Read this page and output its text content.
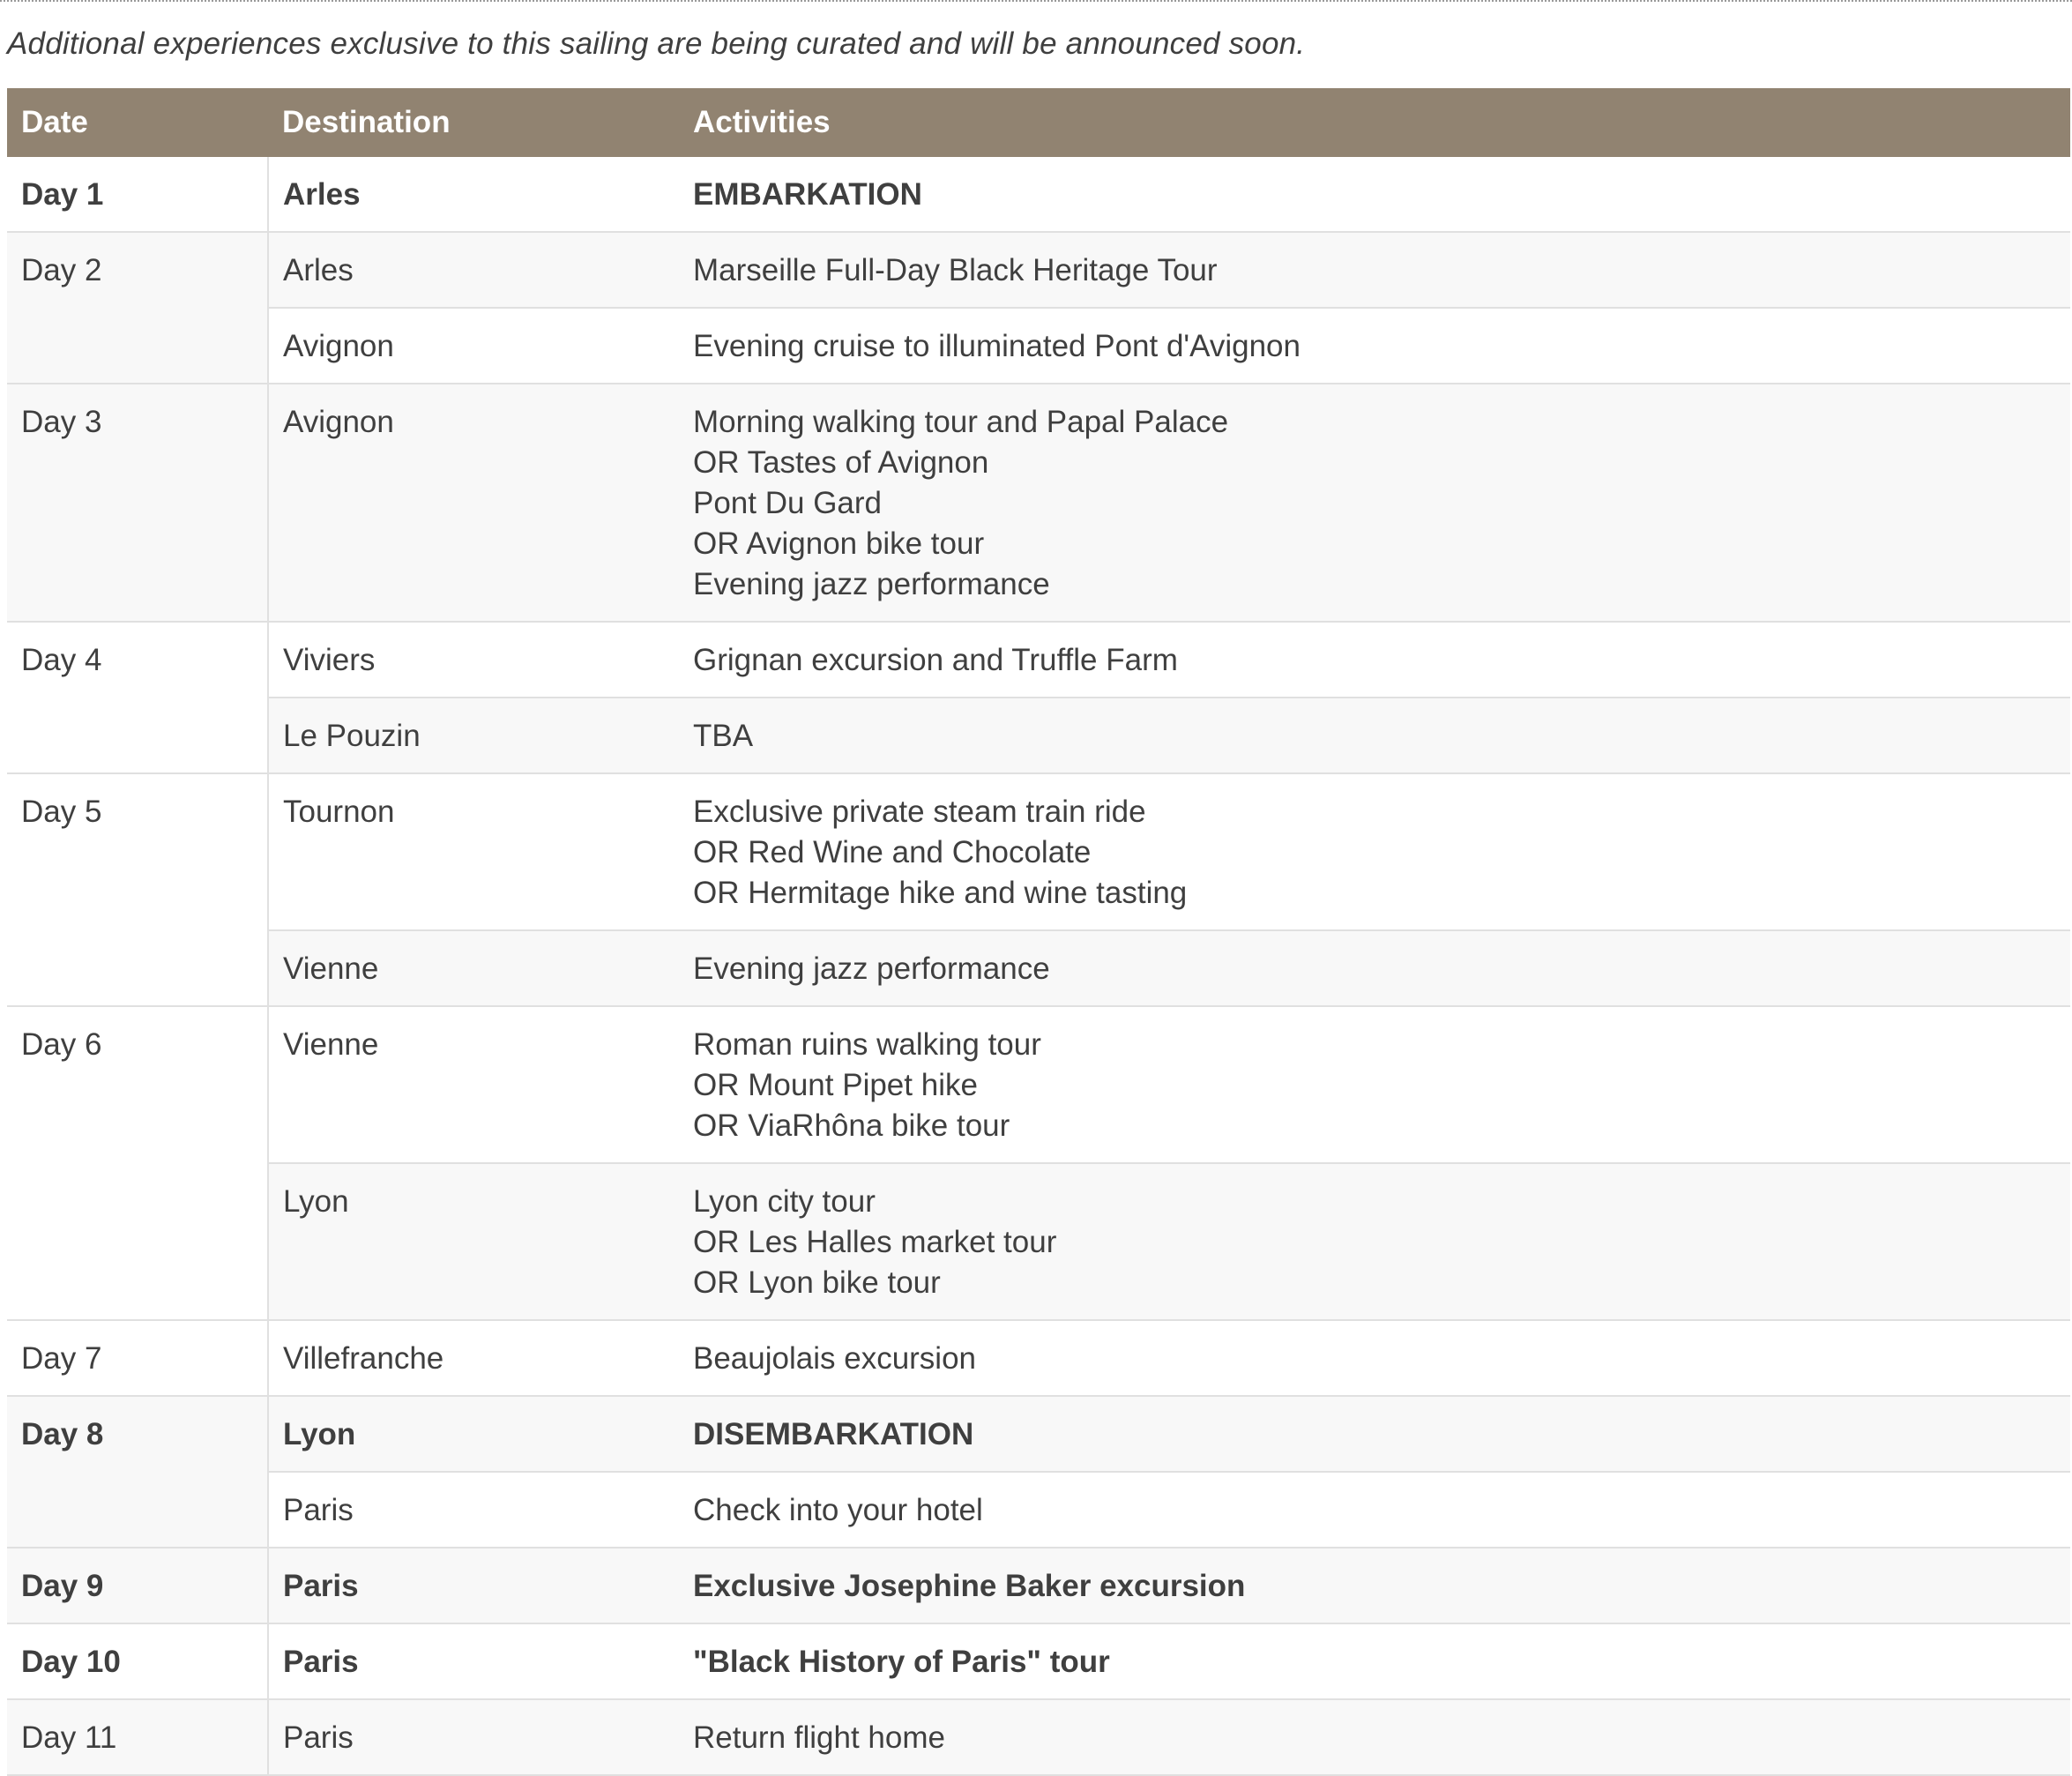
Additional experiences exclusive to this sailing are being curated and will be announced soon.
Date	Destination	Activities
Day 1	Arles	EMBARKATION

Day 2	Arles	Marseille Full-Day Black Heritage Tour

	Avignon	Evening cruise to illuminated Pont d'Avignon

Day 3	Avignon	Morning walking tour and Papal Palace
OR Tastes of Avignon
Pont Du Gard
OR Avignon bike tour
Evening jazz performance

Day 4	Viviers	Grignan excursion and Truffle Farm

	Le Pouzin	TBA

Day 5	Tournon	Exclusive private steam train ride
OR Red Wine and Chocolate
OR Hermitage hike and wine tasting

	Vienne	Evening jazz performance

Day 6	Vienne	Roman ruins walking tour
OR Mount Pipet hike
OR ViaRhôna bike tour

	Lyon	Lyon city tour
OR Les Halles market tour
OR Lyon bike tour

Day 7	Villefranche	Beaujolais excursion

Day 8	Lyon	DISEMBARKATION

	Paris	Check into your hotel

Day 9	Paris	Exclusive Josephine Baker excursion

Day 10	Paris	"Black History of Paris" tour

Day 11	Paris	Return flight home
